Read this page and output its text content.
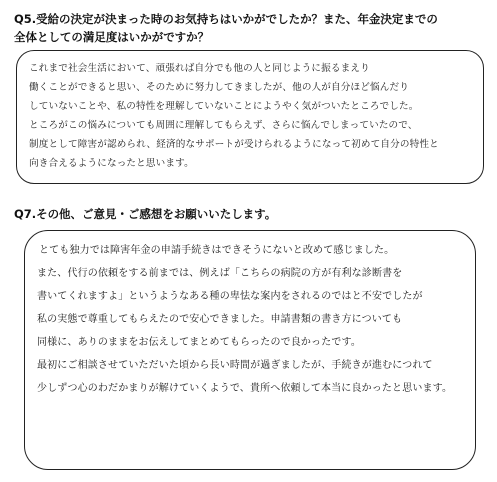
Q5.受給の決定が決まった時のお気持ちはいかがでしたか？また、年金決定までの
全体としての満足度はいかがですか？

これまで社会生活において、頑張れば自分でも他の人と同じように振るまえり

働くことができると思い、そのために努力してきましたが、他の人が自分ほど悩んだり

していないことや、私の特性を理解していないことにようやく気がついたところでした。

ところがこの悩みについても周囲に理解してもらえず、さらに悩んでしまっていたので、

制度として障害が認められ、経済的なサポートが受けられるようになって初めて自分の特性と

向き合えるようになったと思います。

Q7.その他、ご意見・ご感想をお願いいたします。

とても独力では障害年金の申請手続きはできそうにないと改めて感じました。

また、代行の依頼をする前までは、例えば「こちらの病院の方が有利な診断書を

書いてくれますよ」というようなある種の卑怯な案内をされるのではと不安でしたが

私の実態で尊重してもらえたので安心できました。申請書類の書き方についても

同様に、ありのままをお伝えしてまとめてもらったので良かったです。

最初にご相談させていただいた頃から長い時間が過ぎましたが、手続きが進むにつれて

少しずつ心のわだかまりが解けていくようで、貴所へ依頼して本当に良かったと思います。
